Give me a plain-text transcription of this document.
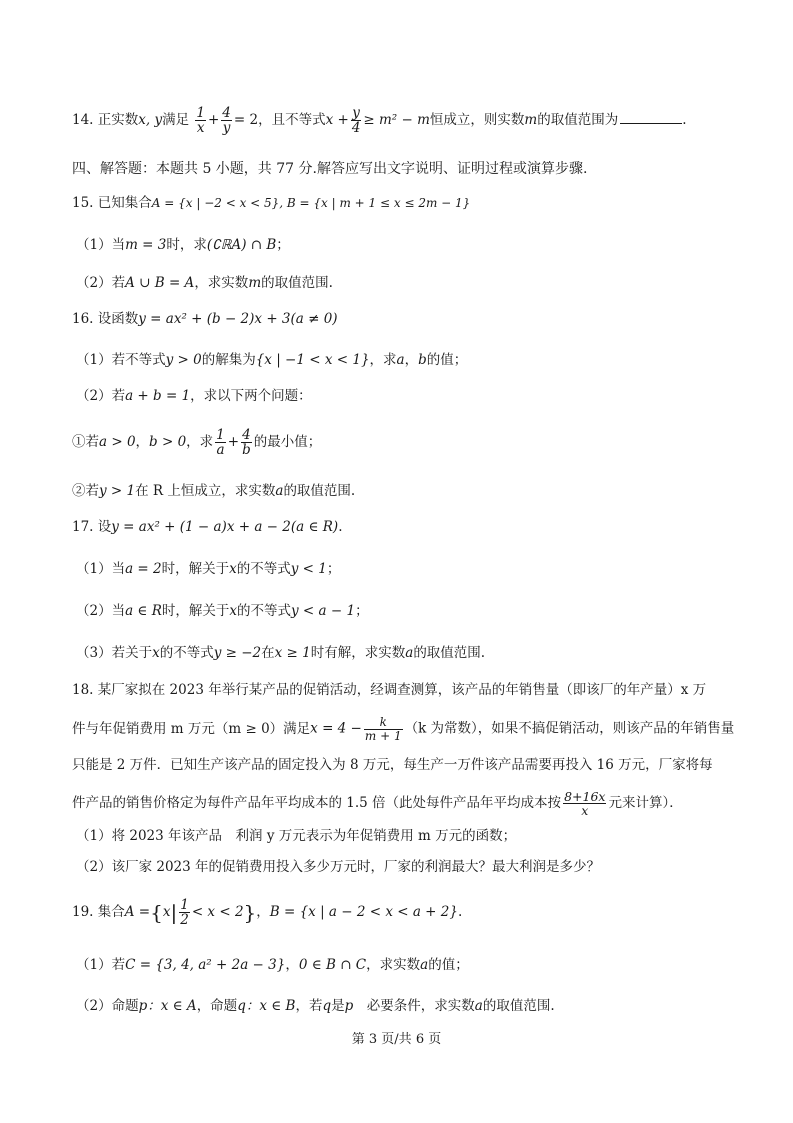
14. 正实数x, y满足 $\frac{1}{x} + \frac{4}{y} = 2$，且不等式$x + \frac{y}{4} \ge m^2 - m$恒成立，则实数m的取值范围为	.
四、解答题：本题共 5 小题，共 77 分.解答应写出文字说明、证明过程或演算步骤.
15. 已知集合A = {x | −2 < x < 5}, B = {x | m + 1 ≤ x ≤ 2m − 1}
（1）当m = 3时，求(∁ℝA) ∩ B；
（2）若A ∪ B = A，求实数m的取值范围.
16. 设函数y = ax² + (b − 2)x + 3(a ≠ 0)
（1）若不等式y > 0的解集为{x | −1 < x < 1}，求a，b的值；
（2）若a + b = 1，求以下两个问题：
①若a > 0，b > 0，求 $\frac{1}{a} + \frac{4}{b}$ 的最小值；
②若y > 1在 R 上恒成立，求实数a的取值范围.
17. 设y = ax² + (1 − a)x + a − 2(a ∈ R).
（1）当a = 2时，解关于x的不等式y < 1；
（2）当a ∈ R时，解关于x的不等式y < a − 1；
（3）若关于x的不等式y ≥ −2在x ≥ 1时有解，求实数a的取值范围.
18. 某厂家拟在 2023 年举行某产品的促销活动，经调查测算，该产品的年销售量（即该厂的年产量）x 万
件与年促销费用 m 万元（m ≥ 0）满足$x = 4 - \frac{k}{m + 1} (k$ 为常数），如果不搞促销活动，则该产品的年销售量
只能是 2 万件．已知生产该产品的固定投入为 8 万元，每生产一万件该产品需要再投入 16 万元，厂家将每
件产品的销售价格定为每件产品年平均成本的 1.5 倍（此处每件产品年平均成本按 $\frac{8+16x}{x}$ 元来计算）．
（1）将 2023 年该产品　利润 y 万元表示为年促销费用 m 万元的函数；
（2）该厂家 2023 年的促销费用投入多少万元时，厂家的利润最大？最大利润是多少？
19. 集合$A =\{x| \frac{1}{2} < x < 2\}$，B = {x | a − 2 < x < a + 2}.
（1）若C = {3, 4, a² + 2a − 3}，0 ∈ B ∩ C，求实数a的值；
（2）命题p：x ∈ A，命题q：x ∈ B，若q是p　必要条件，求实数a的取值范围.
第 3 页/共 6 页
